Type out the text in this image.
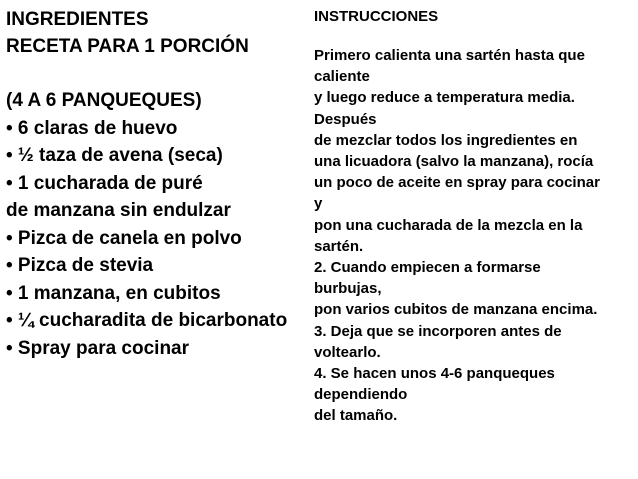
INGREDIENTES
RECETA PARA 1 PORCIÓN
(4 A 6 PANQUEQUES)
• 6 claras de huevo
• ½ taza de avena (seca)
• 1 cucharada de puré
de manzana sin endulzar
• Pizca de canela en polvo
• Pizca de stevia
• 1 manzana, en cubitos
• ¼ cucharadita de bicarbonato
• Spray para cocinar
INSTRUCCIONES
Primero calienta una sartén hasta que
caliente
y luego reduce a temperatura media.
Después
de mezclar todos los ingredientes en
una licuadora (salvo la manzana), rocía
un poco de aceite en spray para cocinar
y
pon una cucharada de la mezcla en la
sartén.
2. Cuando empiecen a formarse
burbujas,
pon varios cubitos de manzana encima.
3. Deja que se incorporen antes de
voltearlo.
4. Se hacen unos 4-6 panqueques
dependiendo
del tamaño.
